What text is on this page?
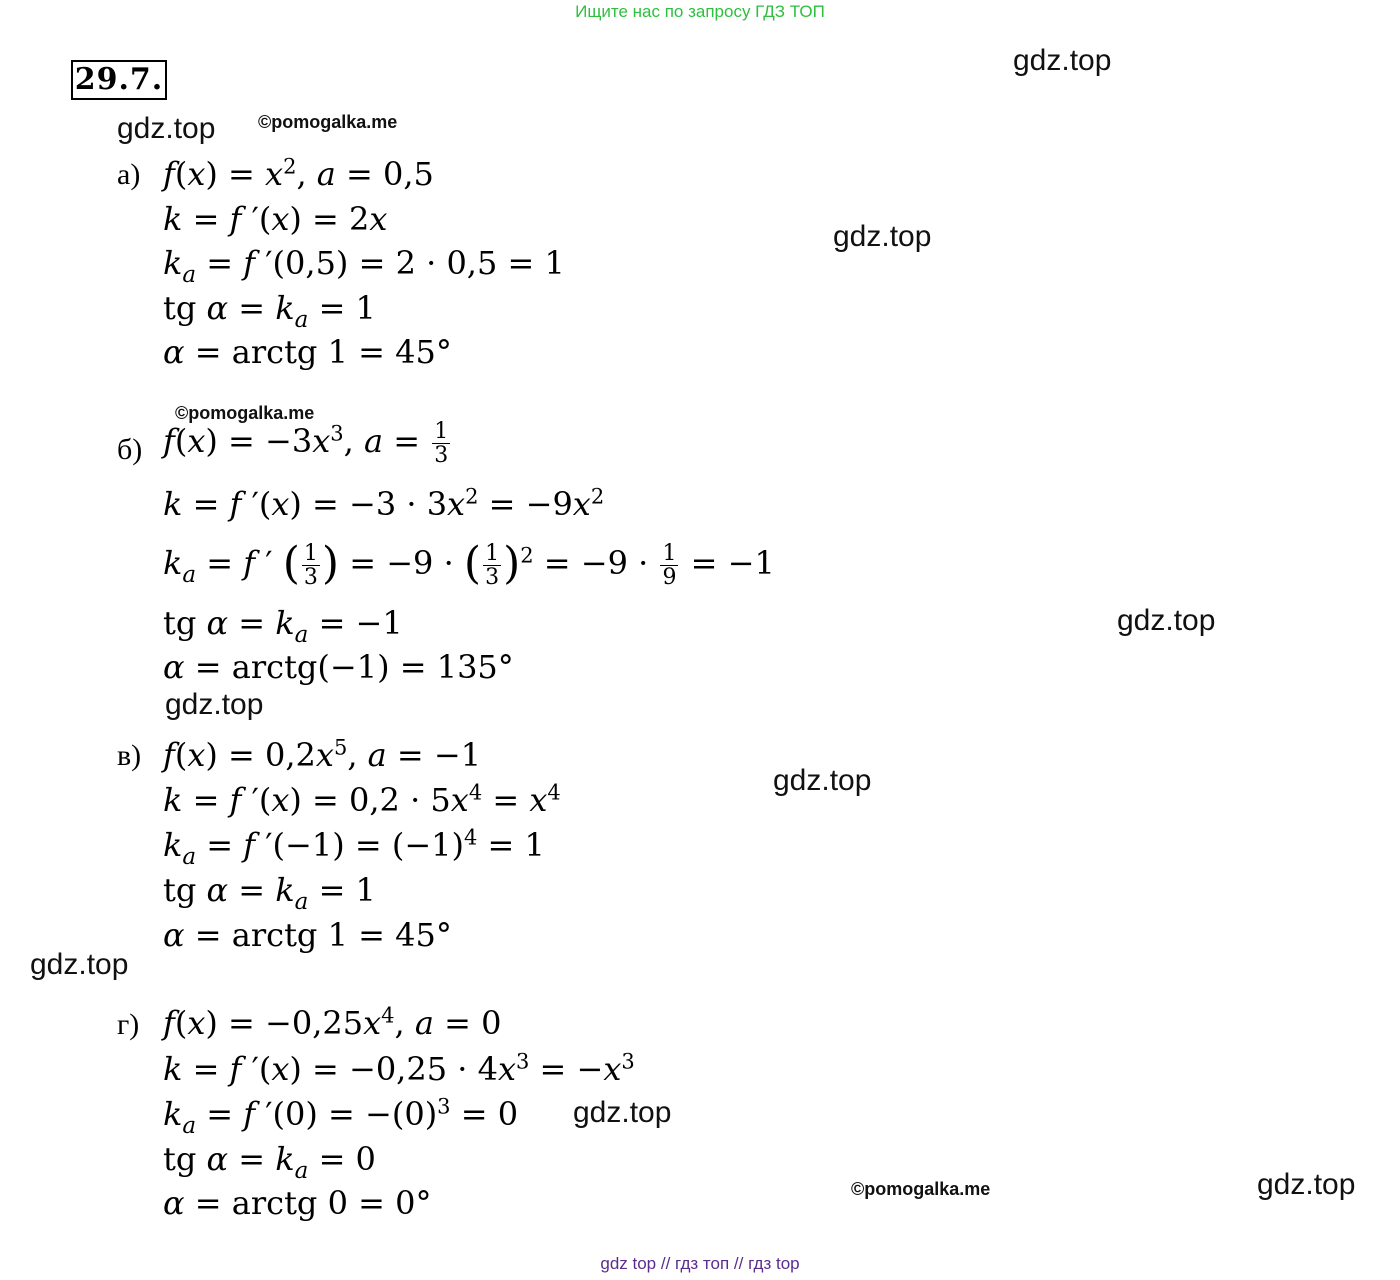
Ищите нас по запросу ГДЗ ТОП
29.7.
gdz.top
gdz.top ©pomogalka.me
gdz.top
©pomogalka.me
gdz.top
gdz.top
gdz.top
gdz.top
gdz.top
©pomogalka.me	gdz.top
а) $f(x) = x^2$, a = 0,5
k = f ′(x) = 2x
$k_a = f$ ′(0,5) = 2 · 0,5 = 1
tg $\alpha = k_a = 1$
α = arctg 1 = 45°
б) $f(x) = -3x^3$, $a = \frac{1}{3}$
k = f $'(x) = -3 \cdot 3x^2 = -9x^2$
$k_a = f$ ′ ( $\frac{1}{3}$ ) = −9 · ( $\frac{1}{3} )^2 = -9 \cdot \frac{1}{9} = -1$
tg $\alpha = k_a = -1$
α = arctg(−1) = 135°
в) $f(x) = 0,2x^5$, a = −1
k = f $'(x) = 0,2 \cdot 5x^4 = x^4$
$k_a = f$ $'(-1) = (-1)^4 = 1$
tg $\alpha = k_a = 1$
α = arctg 1 = 45°
г) $f(x) = -0,25x^4$, a = 0
k = f $'(x) = -0,25 \cdot 4x^3 = -x^3$
$k_a = f$ $'(0) = -(0)^3 = 0$
tg $\alpha = k_a = 0$
α = arctg 0 = 0°
gdz top // гдз топ // гдз top
